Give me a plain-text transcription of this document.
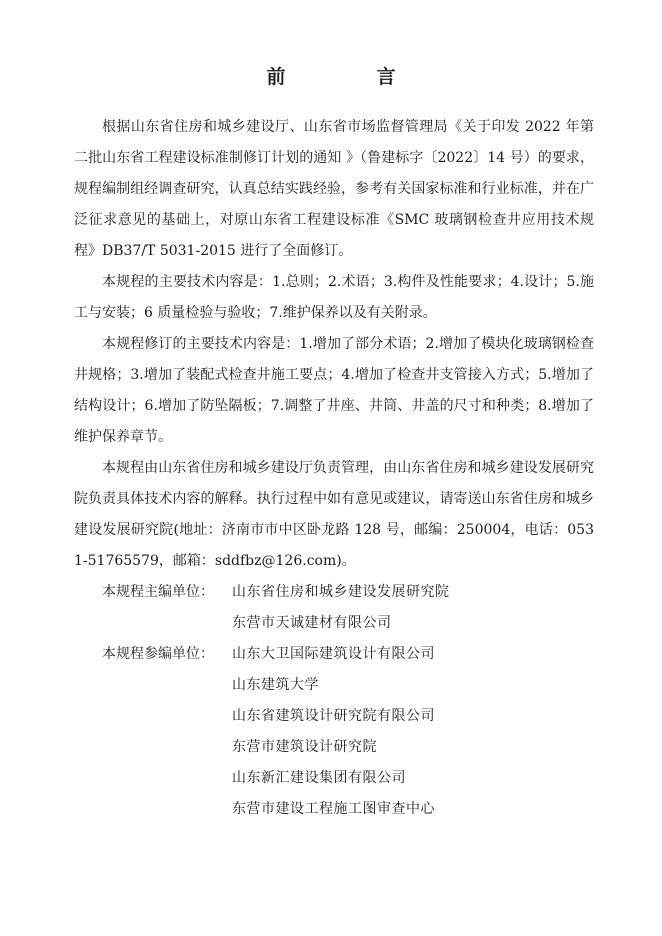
前　言

根据山东省住房和城乡建设厅、山东省市场监督管理局《关于印发 2022 年第二批山东省工程建设标准制修订计划的通知 》（鲁建标字〔2022〕14 号）的要求，规程编制组经调查研究，认真总结实践经验，参考有关国家标准和行业标准，并在广泛征求意见的基础上，对原山东省工程建设标准《SMC 玻璃钢检查井应用技术规程》DB37/T 5031-2015 进行了全面修订。

本规程的主要技术内容是：1.总则；2.术语；3.构件及性能要求；4.设计；5.施工与安装；6 质量检验与验收；7.维护保养以及有关附录。

本规程修订的主要技术内容是：1.增加了部分术语；2.增加了模块化玻璃钢检查井规格；3.增加了装配式检查井施工要点；4.增加了检查井支管接入方式；5.增加了结构设计；6.增加了防坠隔板；7.调整了井座、井筒、井盖的尺寸和种类；8.增加了维护保养章节。

本规程由山东省住房和城乡建设厅负责管理，由山东省住房和城乡建设发展研究院负责具体技术内容的解释。执行过程中如有意见或建议，请寄送山东省住房和城乡建设发展研究院(地址：济南市市中区卧龙路 128 号，邮编：250004，电话：0531-51765579，邮箱：sddfbz@126.com)。

本规程主编单位：	山东省住房和城乡建设发展研究院
东营市天诚建材有限公司
本规程参编单位：	山东大卫国际建筑设计有限公司
山东建筑大学
山东省建筑设计研究院有限公司
东营市建筑设计研究院
山东新汇建设集团有限公司
东营市建设工程施工图审查中心
